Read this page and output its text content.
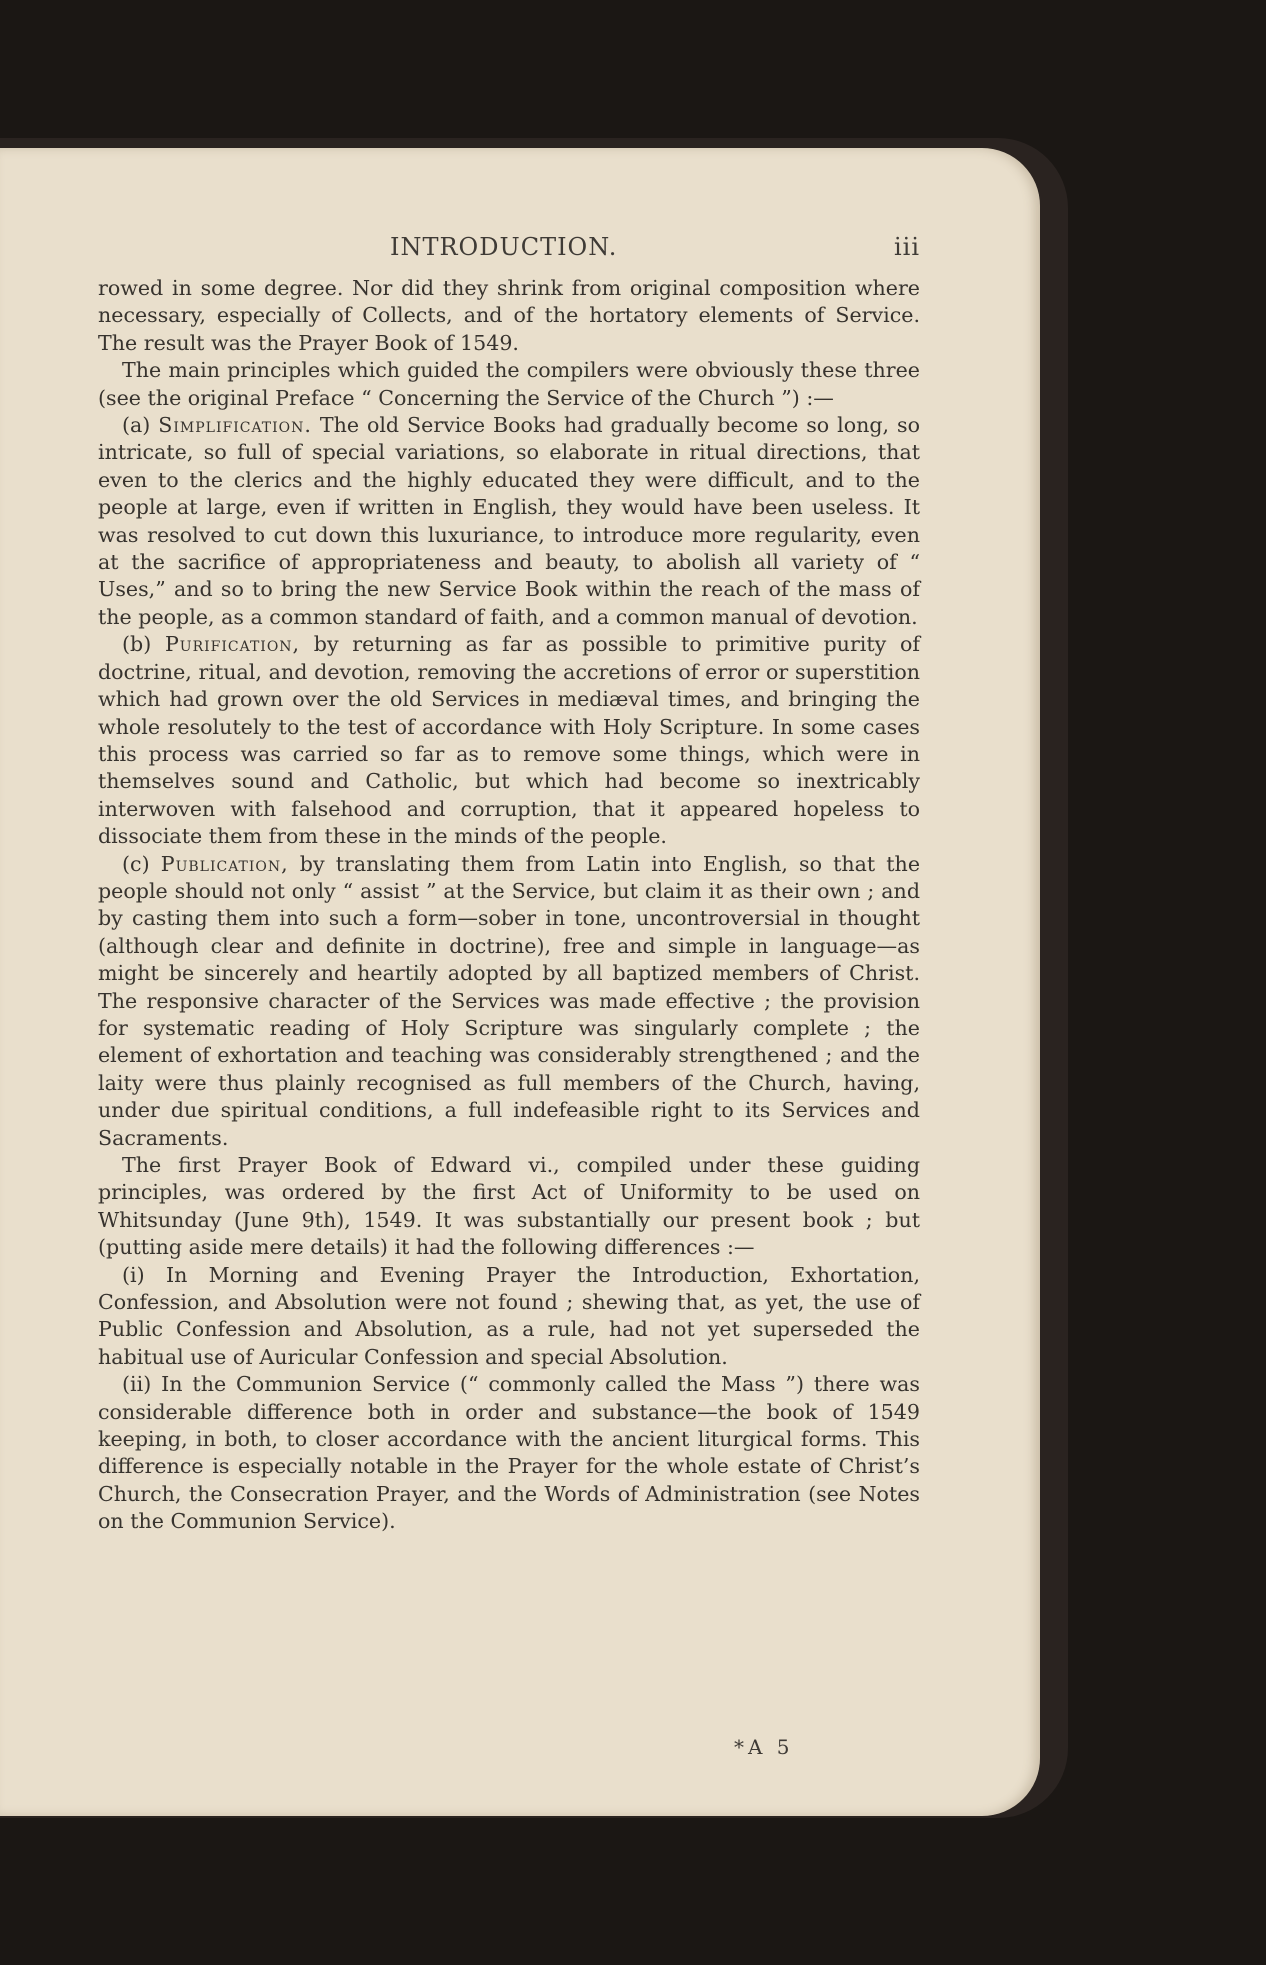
INTRODUCTION.	iii

rowed in some degree. Nor did they shrink from original composition where necessary, especially of Collects, and of the hortatory elements of Service. The result was the Prayer Book of 1549.

The main principles which guided the compilers were obviously these three (see the original Preface “ Concerning the Service of the Church ”) :—

(a) Simplification. The old Service Books had gradually become so long, so intricate, so full of special variations, so elaborate in ritual directions, that even to the clerics and the highly educated they were difficult, and to the people at large, even if written in English, they would have been useless. It was resolved to cut down this luxuriance, to introduce more regularity, even at the sacrifice of appropriateness and beauty, to abolish all variety of “ Uses,” and so to bring the new Service Book within the reach of the mass of the people, as a common standard of faith, and a common manual of devotion.

(b) Purification, by returning as far as possible to primitive purity of doctrine, ritual, and devotion, removing the accretions of error or superstition which had grown over the old Services in mediæval times, and bringing the whole resolutely to the test of accordance with Holy Scripture. In some cases this process was carried so far as to remove some things, which were in themselves sound and Catholic, but which had become so inextricably interwoven with falsehood and corruption, that it appeared hopeless to dissociate them from these in the minds of the people.

(c) Publication, by translating them from Latin into English, so that the people should not only “ assist ” at the Service, but claim it as their own ; and by casting them into such a form—sober in tone, uncontroversial in thought (although clear and definite in doctrine), free and simple in language—as might be sincerely and heartily adopted by all baptized members of Christ. The responsive character of the Services was made effective ; the provision for systematic reading of Holy Scripture was singularly complete ; the element of exhortation and teaching was considerably strengthened ; and the laity were thus plainly recognised as full members of the Church, having, under due spiritual conditions, a full indefeasible right to its Services and Sacraments.

The first Prayer Book of Edward vi., compiled under these guiding principles, was ordered by the first Act of Uniformity to be used on Whitsunday (June 9th), 1549. It was substantially our present book ; but (putting aside mere details) it had the following differences :—

(i) In Morning and Evening Prayer the Introduction, Exhortation, Confession, and Absolution were not found ; shewing that, as yet, the use of Public Confession and Absolution, as a rule, had not yet superseded the habitual use of Auricular Confession and special Absolution.

(ii) In the Communion Service (“ commonly called the Mass ”) there was considerable difference both in order and substance—the book of 1549 keeping, in both, to closer accordance with the ancient liturgical forms. This difference is especially notable in the Prayer for the whole estate of Christ’s Church, the Consecration Prayer, and the Words of Administration (see Notes on the Communion Service).

*A 5
